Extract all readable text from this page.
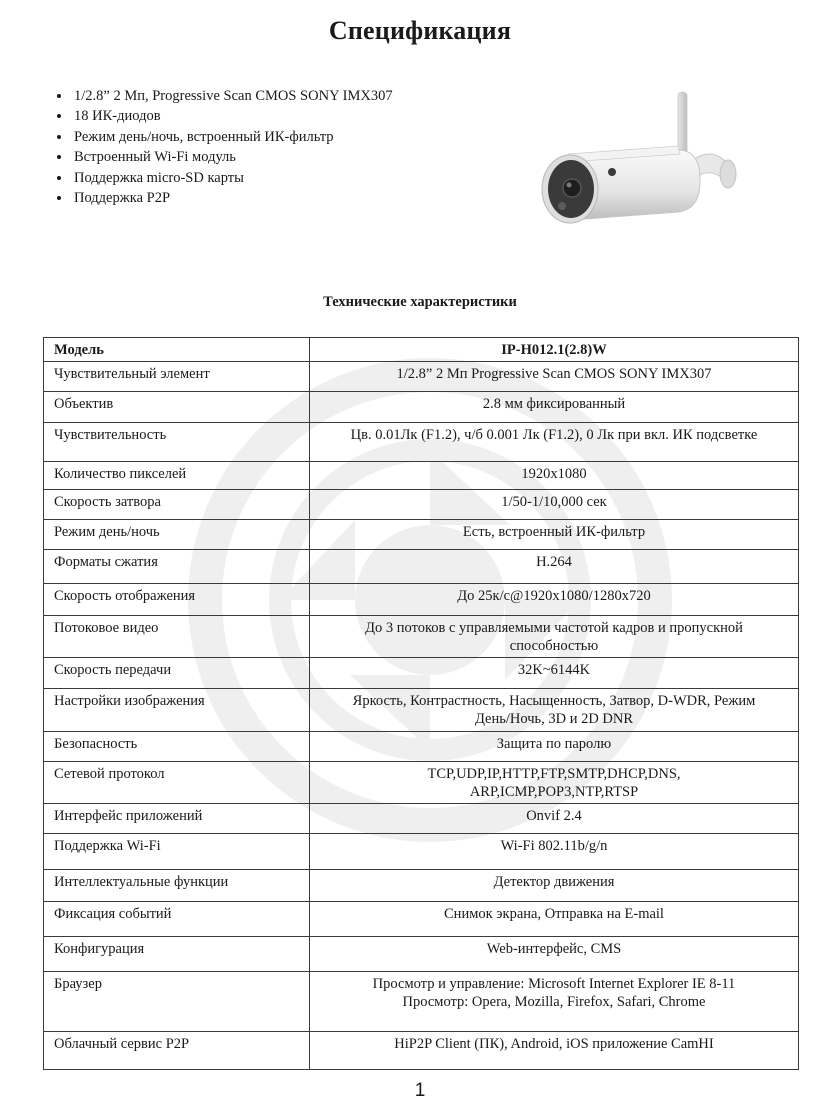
Спецификация
• 1/2.8” 2 Мп, Progressive Scan CMOS SONY IMX307
• 18 ИК-диодов
• Режим день/ночь, встроенный ИК-фильтр
• Встроенный Wi-Fi модуль
• Поддержка micro-SD карты
• Поддержка P2P
Технические характеристики
Модель	IP-H012.1(2.8)W
Чувствительный элемент	1/2.8” 2 Мп Progressive Scan CMOS SONY IMX307
Объектив	2.8 мм фиксированный
Чувствительность	Цв. 0.01Лк (F1.2), ч/б 0.001 Лк (F1.2), 0 Лк при вкл. ИК подсветке
Количество пикселей	1920x1080
Скорость затвора	1/50-1/10,000 сек
Режим день/ночь	Есть, встроенный ИК-фильтр
Форматы сжатия	H.264
Скорость отображения	До 25к/с@1920x1080/1280x720
Потоковое видео	До 3 потоков с управляемыми частотой кадров и пропускной способностью
Скорость передачи	32K~6144K
Настройки изображения	Яркость, Контрастность, Насыщенность, Затвор, D-WDR, Режим День/Ночь, 3D и 2D DNR
Безопасность	Защита по паролю
Сетевой протокол	TCP,UDP,IP,HTTP,FTP,SMTP,DHCP,DNS, ARP,ICMP,POP3,NTP,RTSP
Интерфейс приложений	Onvif 2.4
Поддержка Wi-Fi	Wi-Fi 802.11b/g/n
Интеллектуальные функции	Детектор движения
Фиксация событий	Снимок экрана, Отправка на E-mail
Конфигурация	Web-интерфейс, CMS
Браузер	Просмотр и управление: Microsoft Internet Explorer IE 8-11 Просмотр: Opera, Mozilla, Firefox, Safari, Chrome
Облачный сервис P2P	HiP2P Client (ПК), Android, iOS приложение CamHI
1
